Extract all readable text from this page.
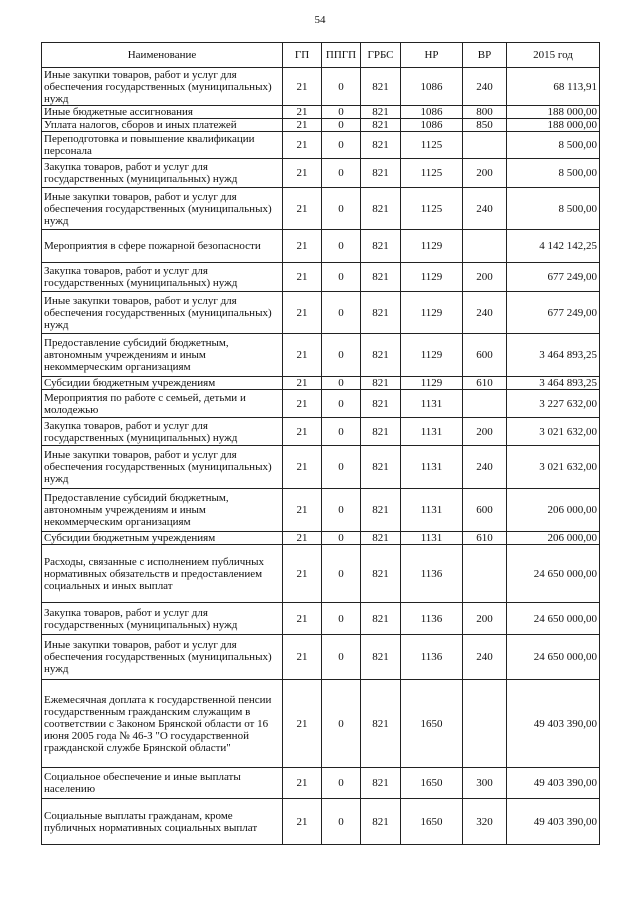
54
Наименование	ГП	ППГП	ГРБС	НР	ВР	2015 год
Иные закупки товаров, работ и услуг для обеспечения государственных (муниципальных) нужд	21	0	821	1086	240	68 113,91
Иные бюджетные ассигнования	21	0	821	1086	800	188 000,00
Уплата налогов, сборов и иных платежей	21	0	821	1086	850	188 000,00
Переподготовка и повышение квалификации персонала	21	0	821	1125		8 500,00
Закупка товаров, работ и услуг для государственных (муниципальных) нужд	21	0	821	1125	200	8 500,00
Иные закупки товаров, работ и услуг для обеспечения государственных (муниципальных) нужд	21	0	821	1125	240	8 500,00
Мероприятия в сфере пожарной безопасности	21	0	821	1129		4 142 142,25
Закупка товаров, работ и услуг для государственных (муниципальных) нужд	21	0	821	1129	200	677 249,00
Иные закупки товаров, работ и услуг для обеспечения государственных (муниципальных) нужд	21	0	821	1129	240	677 249,00
Предоставление субсидий бюджетным, автономным учреждениям и иным некоммерческим организациям	21	0	821	1129	600	3 464 893,25
Субсидии бюджетным учреждениям	21	0	821	1129	610	3 464 893,25
Мероприятия по работе с семьей, детьми и молодежью	21	0	821	1131		3 227 632,00
Закупка товаров, работ и услуг для государственных (муниципальных) нужд	21	0	821	1131	200	3 021 632,00
Иные закупки товаров, работ и услуг для обеспечения государственных (муниципальных) нужд	21	0	821	1131	240	3 021 632,00
Предоставление субсидий бюджетным, автономным учреждениям и иным некоммерческим организациям	21	0	821	1131	600	206 000,00
Субсидии бюджетным учреждениям	21	0	821	1131	610	206 000,00
Расходы, связанные с исполнением публичных нормативных обязательств и предоставлением социальных и иных выплат	21	0	821	1136		24 650 000,00
Закупка товаров, работ и услуг для государственных (муниципальных) нужд	21	0	821	1136	200	24 650 000,00
Иные закупки товаров, работ и услуг для обеспечения государственных (муниципальных) нужд	21	0	821	1136	240	24 650 000,00
Ежемесячная доплата к государственной пенсии государственным гражданским служащим в соответствии с Законом Брянской области от 16 июня 2005 года № 46-З "О государственной гражданской службе Брянской области"	21	0	821	1650		49 403 390,00
Социальное обеспечение и иные выплаты населению	21	0	821	1650	300	49 403 390,00
Социальные выплаты гражданам, кроме публичных нормативных социальных выплат	21	0	821	1650	320	49 403 390,00
